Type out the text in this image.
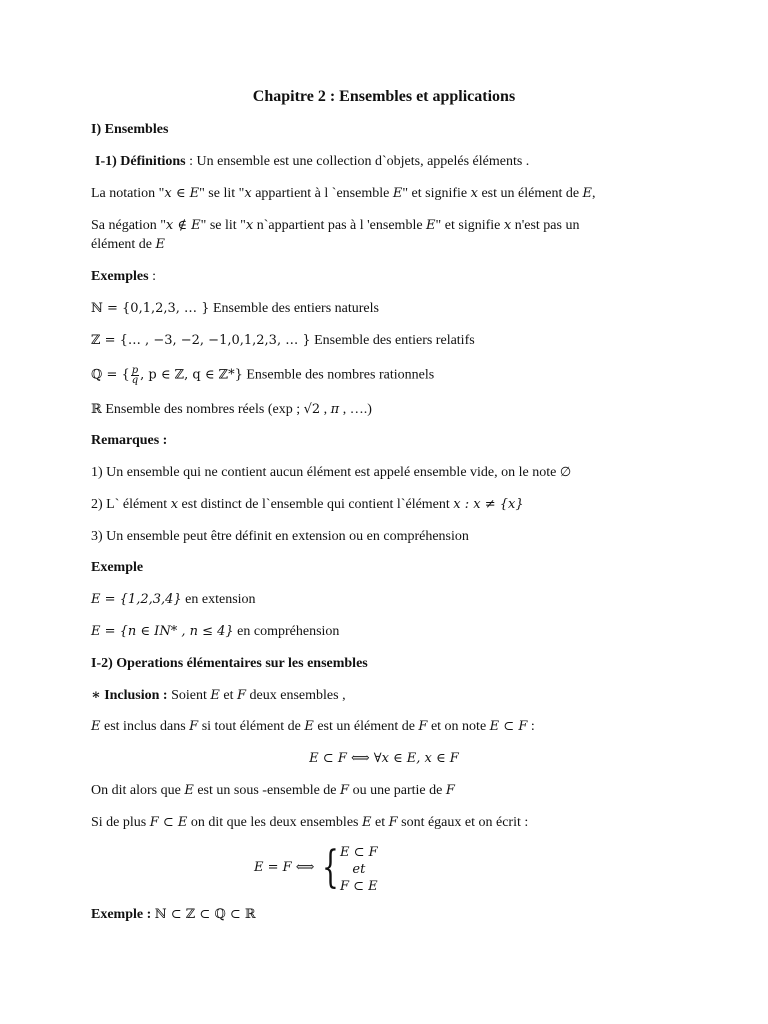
Chapitre 2 : Ensembles et applications
I) Ensembles
I-1) Définitions : Un ensemble est une collection d`objets, appelés éléments .
La notation "x ∈ E" se lit "x appartient à l `ensemble E" et signifie x est un élément de E,
Sa négation "x ∉ E" se lit "x n`appartient pas à l 'ensemble E" et signifie x n'est pas un
élément de E
Exemples :
ℕ = {0,1,2,3, … } Ensemble des entiers naturels
ℤ = {… , −3, −2, −1,0,1,2,3, … } Ensemble des entiers relatifs
ℚ = { $\frac{p}{q}$ , p ∈ ℤ, q ∈ ℤ*} Ensemble des nombres rationnels
ℝ Ensemble des nombres réels (exp ; √2 , π , ….)
Remarques :
1) Un ensemble qui ne contient aucun élément est appelé ensemble vide, on le note ∅
2) L` élément x est distinct de l`ensemble qui contient l`élément x : x ≠ {x}
3) Un ensemble peut être définit en extension ou en compréhension
Exemple
E = {1,2,3,4} en extension
E = {n ∈ IN* , n ≤ 4} en compréhension
I-2) Operations élémentaires sur les ensembles
∗ Inclusion : Soient E et F deux ensembles ,
E est inclus dans F si tout élément de E est un élément de F et on note E ⊂ F :
E ⊂ F ⟺ ∀x ∈ E, x ∈ F
On dit alors que E est un sous -ensemble de F ou une partie de F
Si de plus F ⊂ E on dit que les deux ensembles E et F sont égaux et on écrit :
E = F ⟺ { E ⊂ F
et
F ⊂ E
Exemple : ℕ ⊂ ℤ ⊂ ℚ ⊂ ℝ
